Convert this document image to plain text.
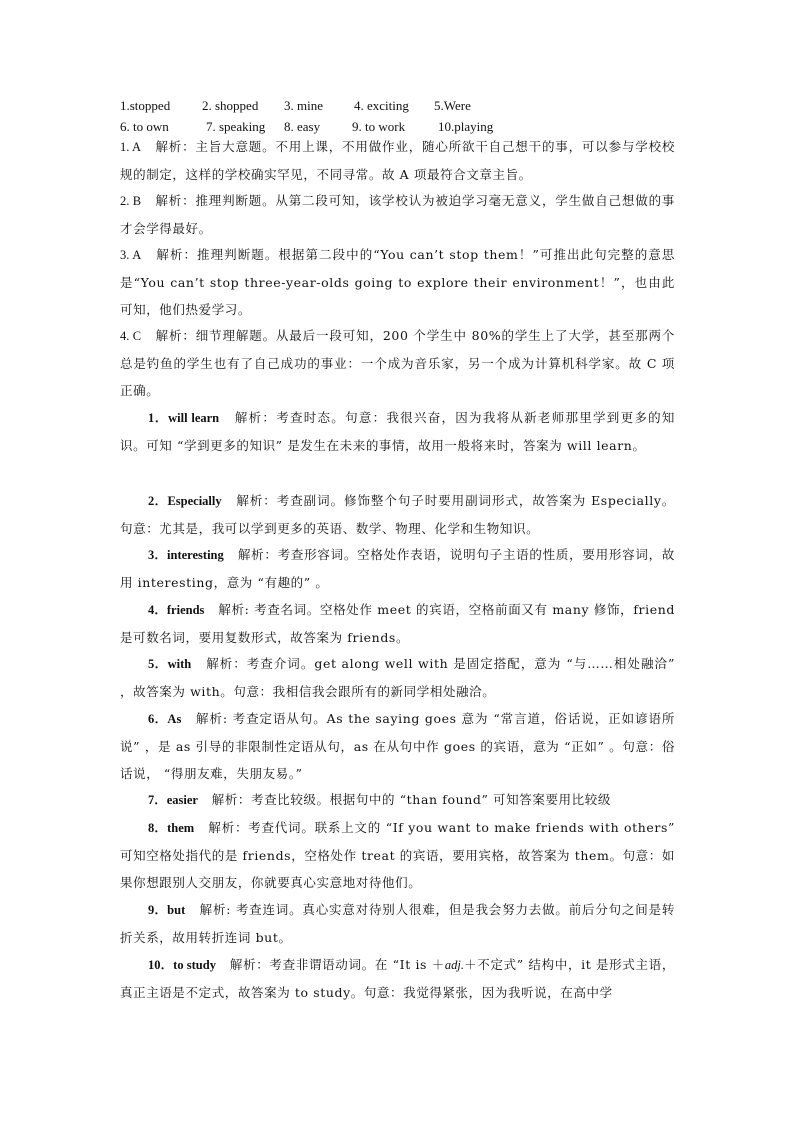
1.stopped 2. shopped 3. mine 4. exciting 5.Were
6. to own	7. speaking 8. easy 9. to work	10.playing

1. A 解析：主旨大意题。不用上课，不用做作业，随心所欲干自己想干的事，可以参与学校校规的制定，这样的学校确实罕见，不同寻常。故 A 项最符合文章主旨。

2. B 解析：推理判断题。从第二段可知，该学校认为被迫学习毫无意义，学生做自己想做的事才会学得最好。

3. A 解析：推理判断题。根据第二段中的“You can’t stop them！”可推出此句完整的意思是“You can’t stop three-year-olds going to explore their environment！”，也由此可知，他们热爱学习。

4. C 解析：细节理解题。从最后一段可知，200 个学生中 80%的学生上了大学，甚至那两个总是钓鱼的学生也有了自己成功的事业：一个成为音乐家，另一个成为计算机科学家。故 C 项正确。

1．will learn 解析：考查时态。句意：我很兴奋，因为我将从新老师那里学到更多的知识。可知 “学到更多的知识” 是发生在未来的事情，故用一般将来时，答案为 will learn。

2．Especially 解析：考查副词。修饰整个句子时要用副词形式，故答案为 Especially。句意：尤其是，我可以学到更多的英语、数学、物理、化学和生物知识。

3．interesting 解析：考查形容词。空格处作表语，说明句子主语的性质，要用形容词，故用 interesting，意为 “有趣的” 。

4．friends 解析: 考查名词。空格处作 meet 的宾语，空格前面又有 many 修饰，friend 是可数名词，要用复数形式，故答案为 friends。

5．with 解析：考查介词。get along well with 是固定搭配，意为 “与……相处融洽” ，故答案为 with。句意：我相信我会跟所有的新同学相处融洽。

6．As 解析: 考查定语从句。As the saying goes 意为 “常言道，俗话说，正如谚语所说” ，是 as 引导的非限制性定语从句，as 在从句中作 goes 的宾语，意为 “正如” 。句意：俗话说， “得朋友难，失朋友易。”

7．easier 解析：考查比较级。根据句中的 “than found” 可知答案要用比较级

8．them 解析：考查代词。联系上文的 “If you want to make friends with others” 可知空格处指代的是 friends，空格处作 treat 的宾语，要用宾格，故答案为 them。句意：如果你想跟别人交朋友，你就要真心实意地对待他们。

9．but 解析: 考查连词。真心实意对待别人很难，但是我会努力去做。前后分句之间是转折关系，故用转折连词 but。

10．to study 解析：考查非谓语动词。在 “It is ＋adj.＋不定式” 结构中，it 是形式主语，真正主语是不定式，故答案为 to study。句意：我觉得紧张，因为我听说，在高中学
